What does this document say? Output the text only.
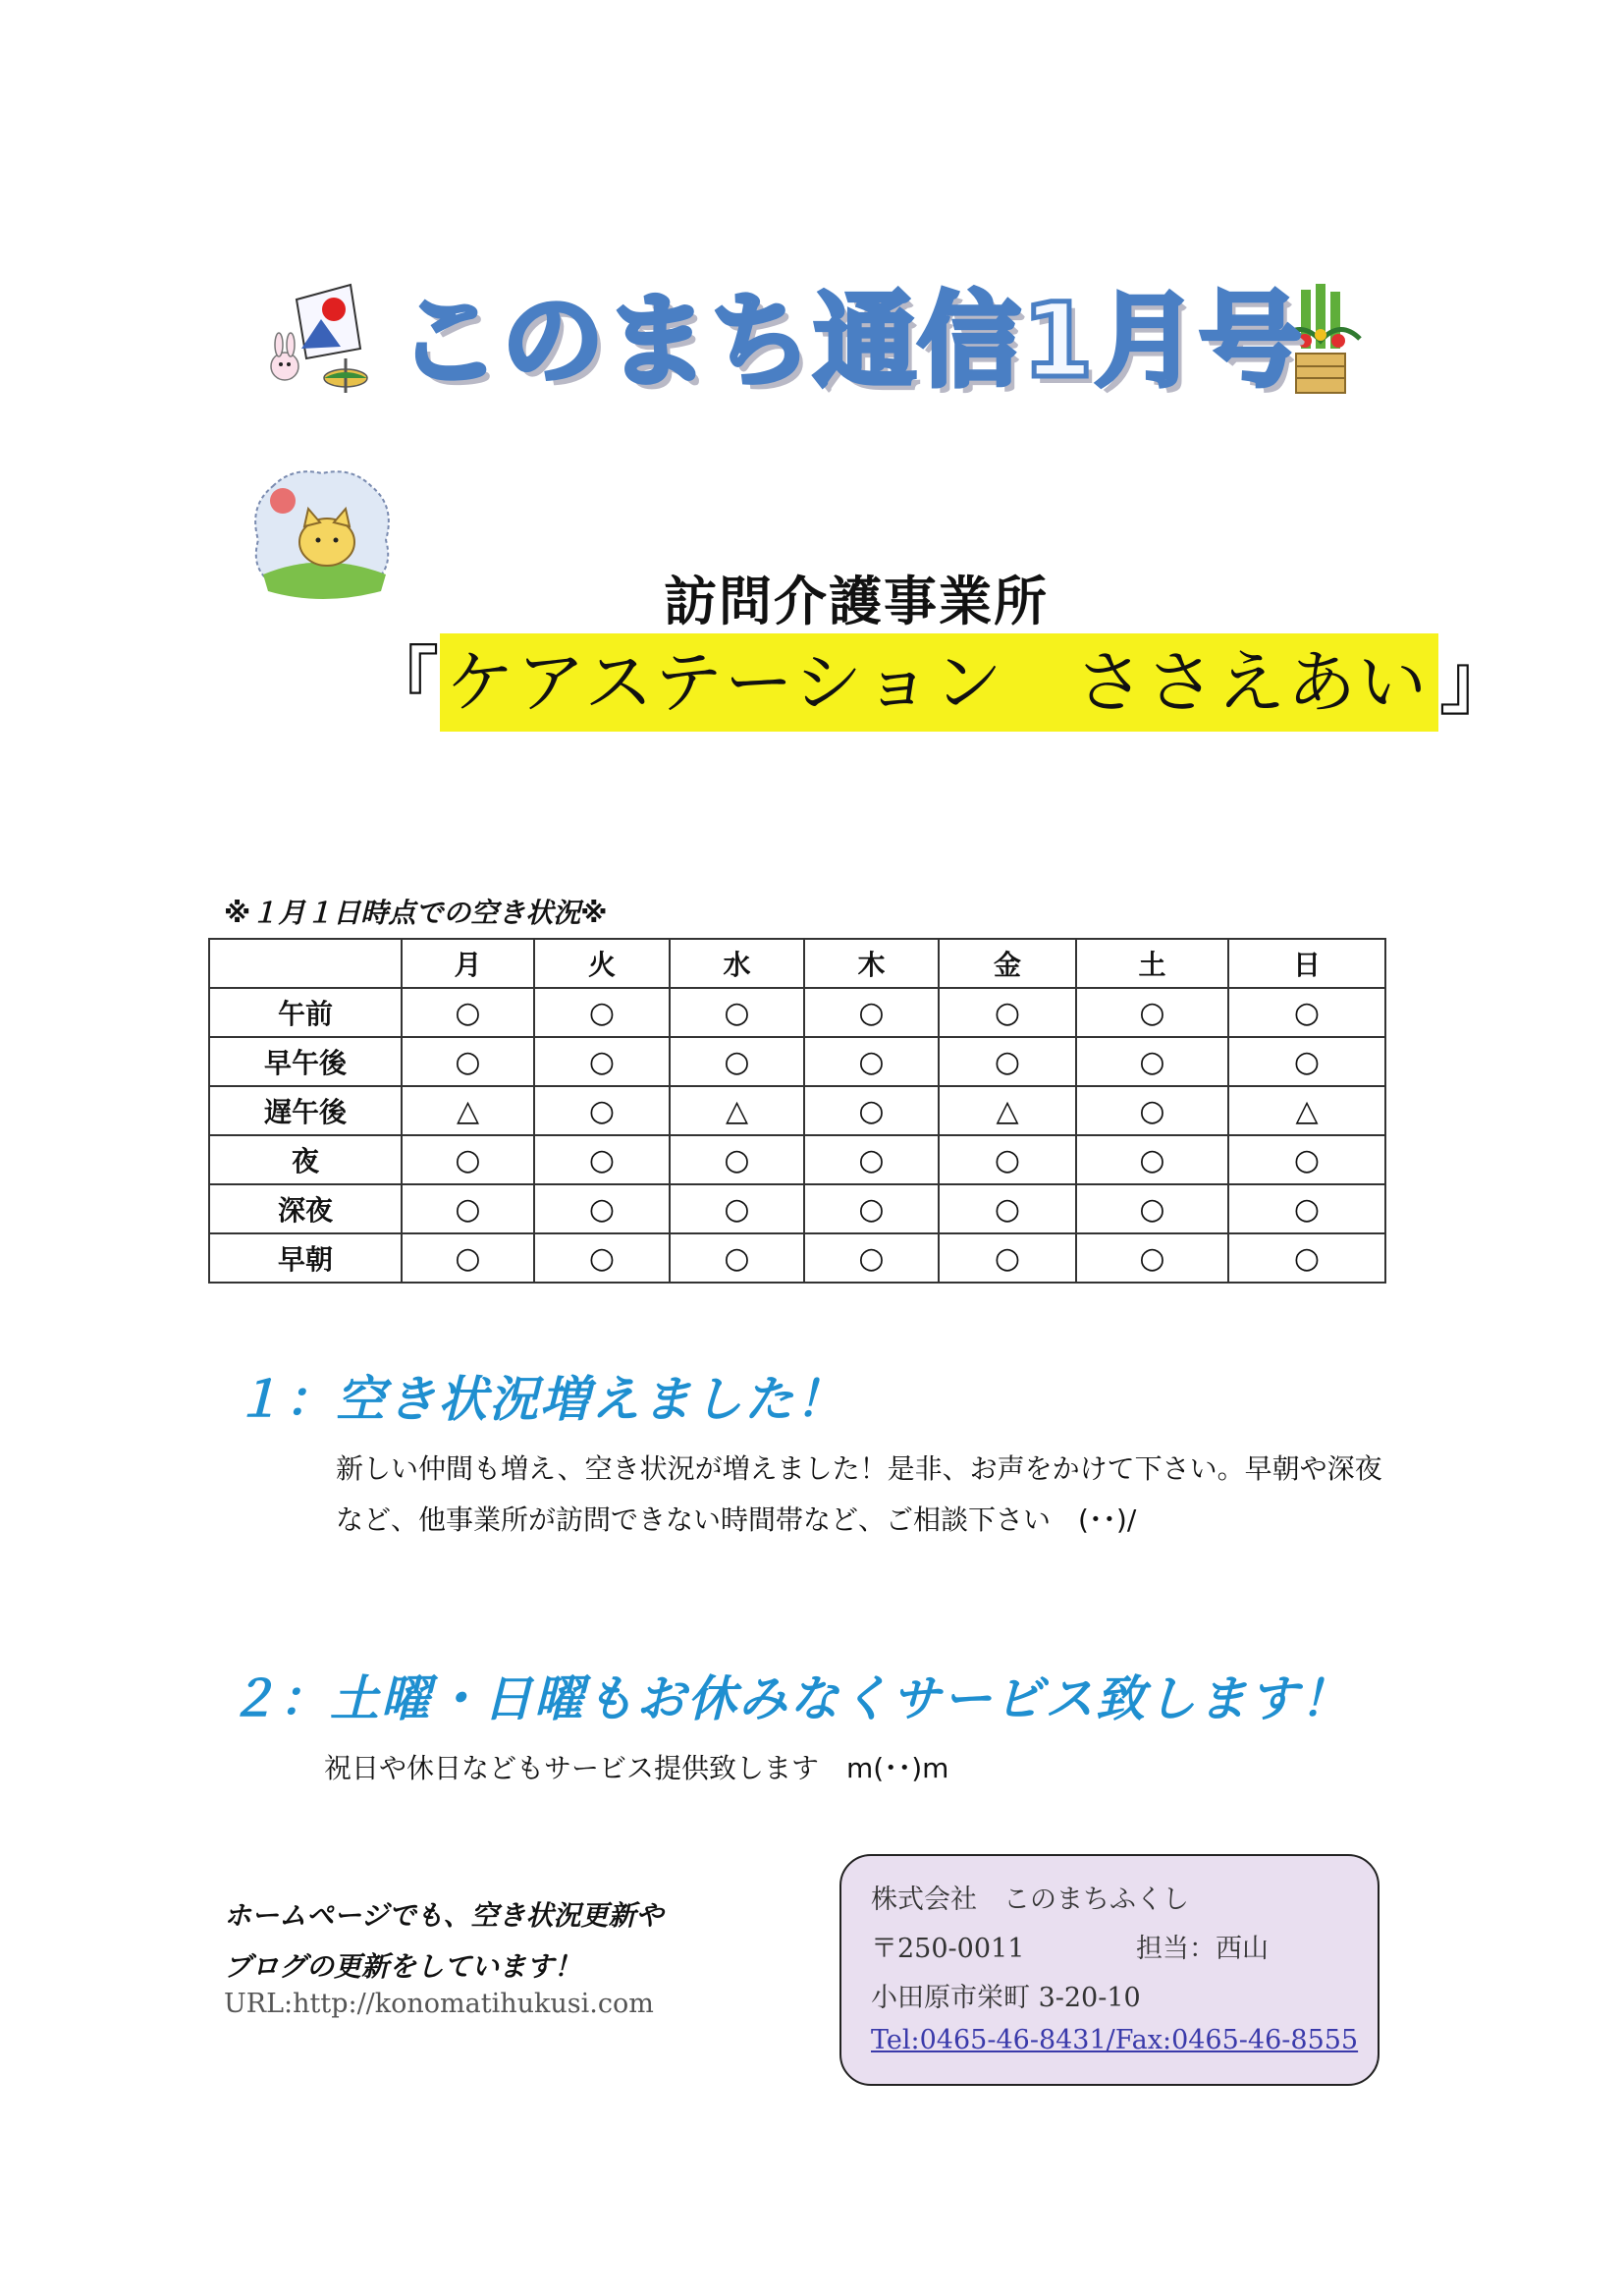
このまち通信1月号
訪問介護事業所
『ケアステーション　ささえあい 』
※１月１日時点での空き状況※
	月	火	水	木	金	土	日
午前	○	○	○	○	○	○	○
早午後	○	○	○	○	○	○	○
遅午後	△	○	△	○	△	○	△
夜	○	○	○	○	○	○	○
深夜	○	○	○	○	○	○	○
早朝	○	○	○	○	○	○	○
１：空き状況増えました！
新しい仲間も増え、空き状況が増えました！是非、お声をかけて下さい。早朝や深夜など、他事業所が訪問できない時間帯など、ご相談下さい　(･･)/
２：土曜・日曜もお休みなくサービス致します！
祝日や休日などもサービス提供致します　m(･･)m
ホームページでも、空き状況更新や
ブログの更新をしています！
URL:http://konomatihukusi.com
株式会社　このまちふくし
〒250-0011	担当：西山
小田原市栄町 3-20-10
Tel:0465-46-8431/Fax:0465-46-8555
